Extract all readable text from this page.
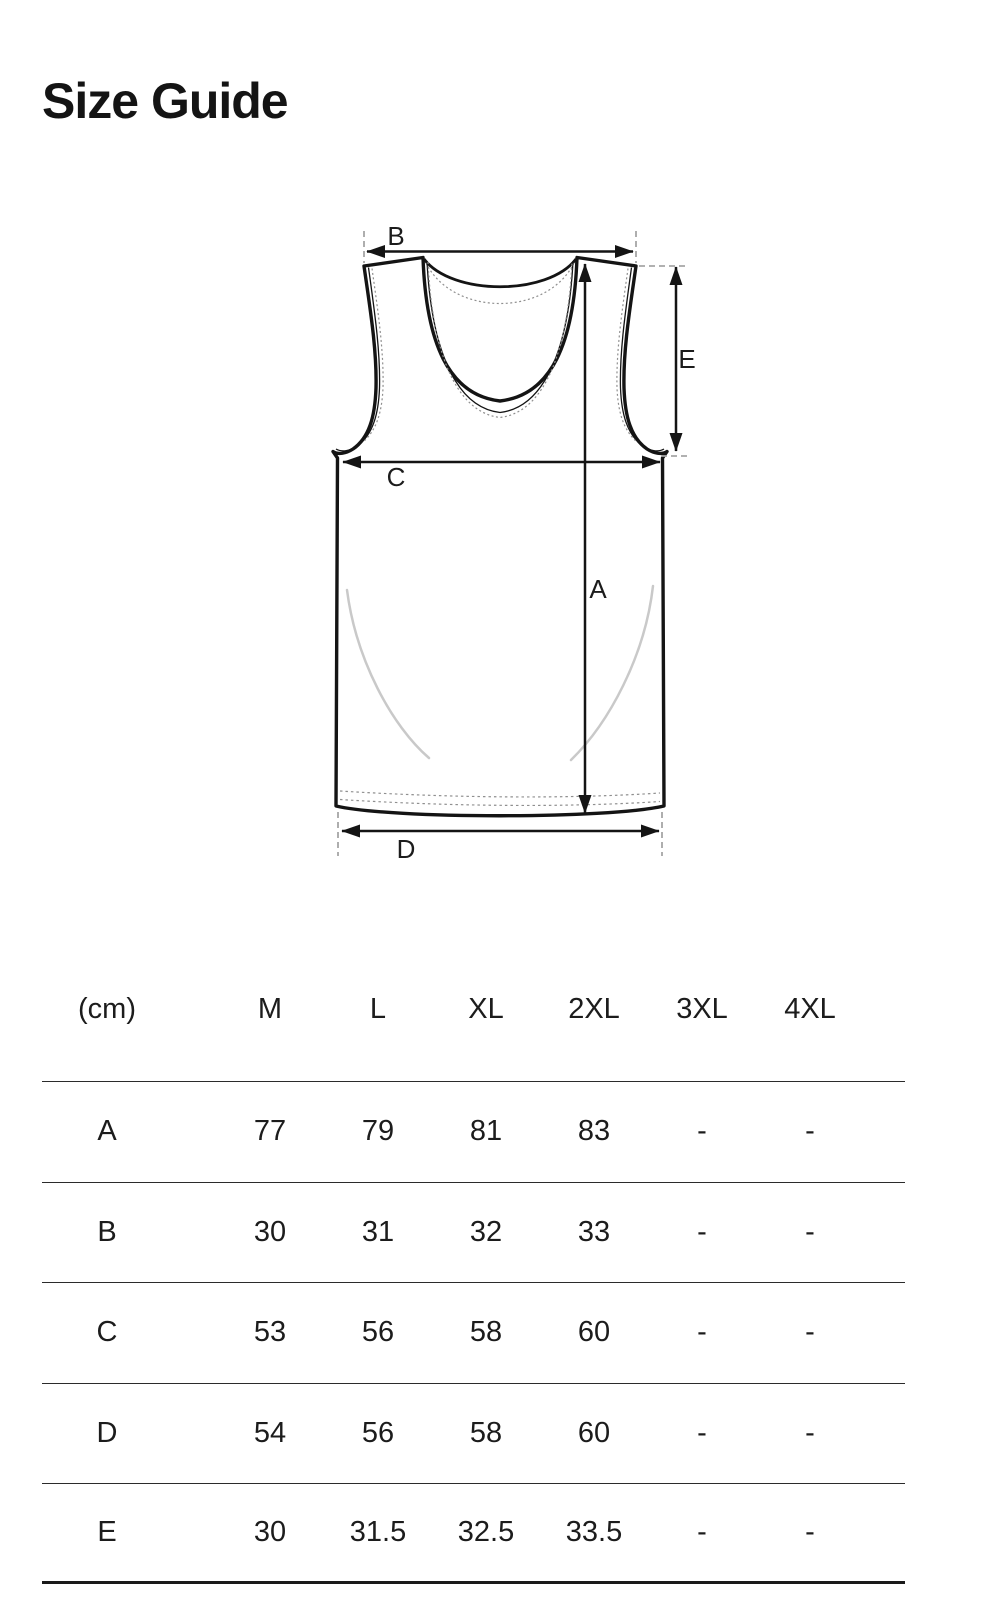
Size Guide
B
E
C
A
D
(cm)	M	L	XL	2XL	3XL	4XL
A	77	79	81	83	-	-
B	30	31	32	33	-	-
C	53	56	58	60	-	-
D	54	56	58	60	-	-
E	30	31.5	32.5	33.5	-	-
